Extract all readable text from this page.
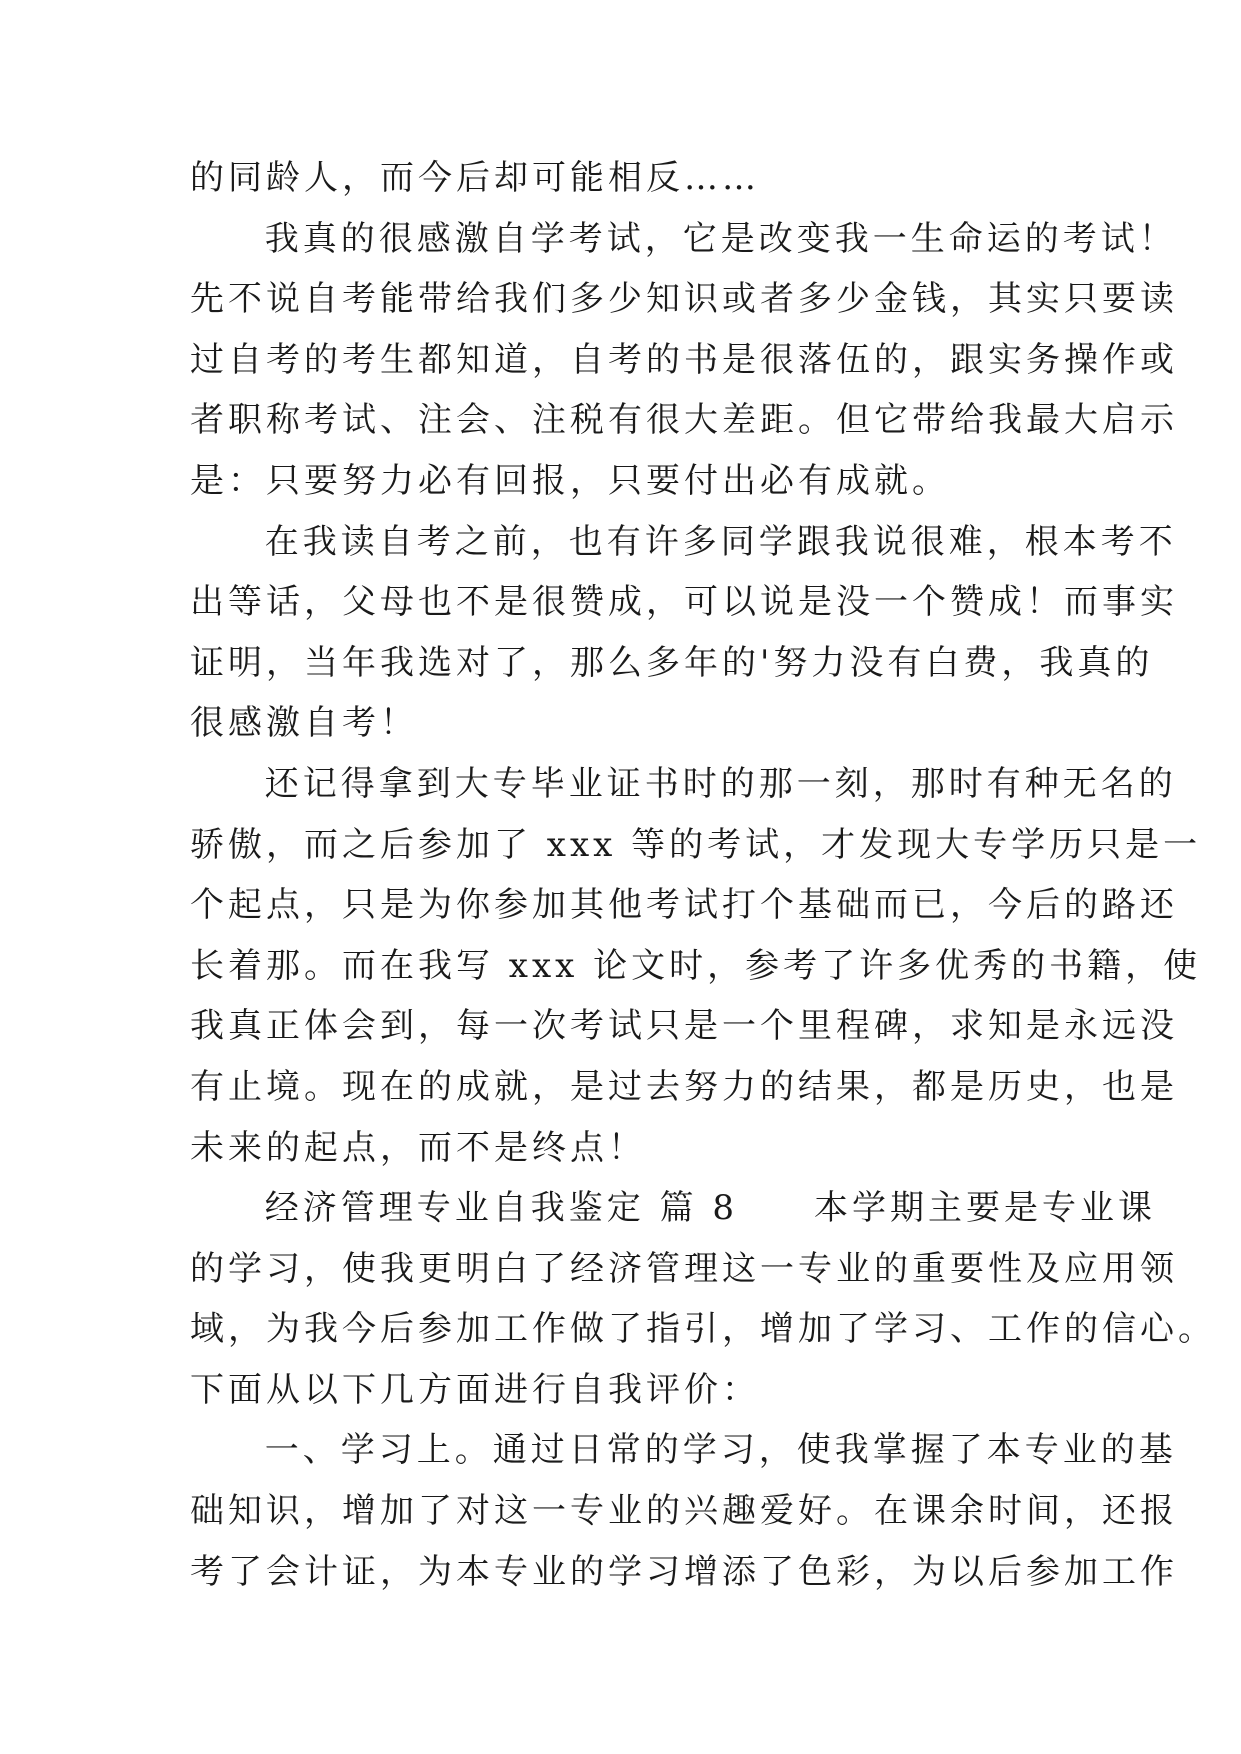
的同龄人，而今后却可能相反……
我真的很感激自学考试，它是改变我一生命运的考试！
先不说自考能带给我们多少知识或者多少金钱，其实只要读
过自考的考生都知道，自考的书是很落伍的，跟实务操作或
者职称考试、注会、注税有很大差距。但它带给我最大启示
是：只要努力必有回报，只要付出必有成就。
在我读自考之前，也有许多同学跟我说很难，根本考不
出等话，父母也不是很赞成，可以说是没一个赞成！而事实
证明，当年我选对了，那么多年的'努力没有白费，我真的
很感激自考！
还记得拿到大专毕业证书时的那一刻，那时有种无名的
骄傲，而之后参加了 xxx 等的考试，才发现大专学历只是一
个起点，只是为你参加其他考试打个基础而已，今后的路还
长着那。而在我写 xxx 论文时，参考了许多优秀的书籍，使
我真正体会到，每一次考试只是一个里程碑，求知是永远没
有止境。现在的成就，是过去努力的结果，都是历史，也是
未来的起点，而不是终点！
经济管理专业自我鉴定 篇 8　　本学期主要是专业课
的学习，使我更明白了经济管理这一专业的重要性及应用领
域，为我今后参加工作做了指引，增加了学习、工作的信心。
下面从以下几方面进行自我评价：
一、学习上。通过日常的学习，使我掌握了本专业的基
础知识，增加了对这一专业的兴趣爱好。在课余时间，还报
考了会计证，为本专业的学习增添了色彩，为以后参加工作
